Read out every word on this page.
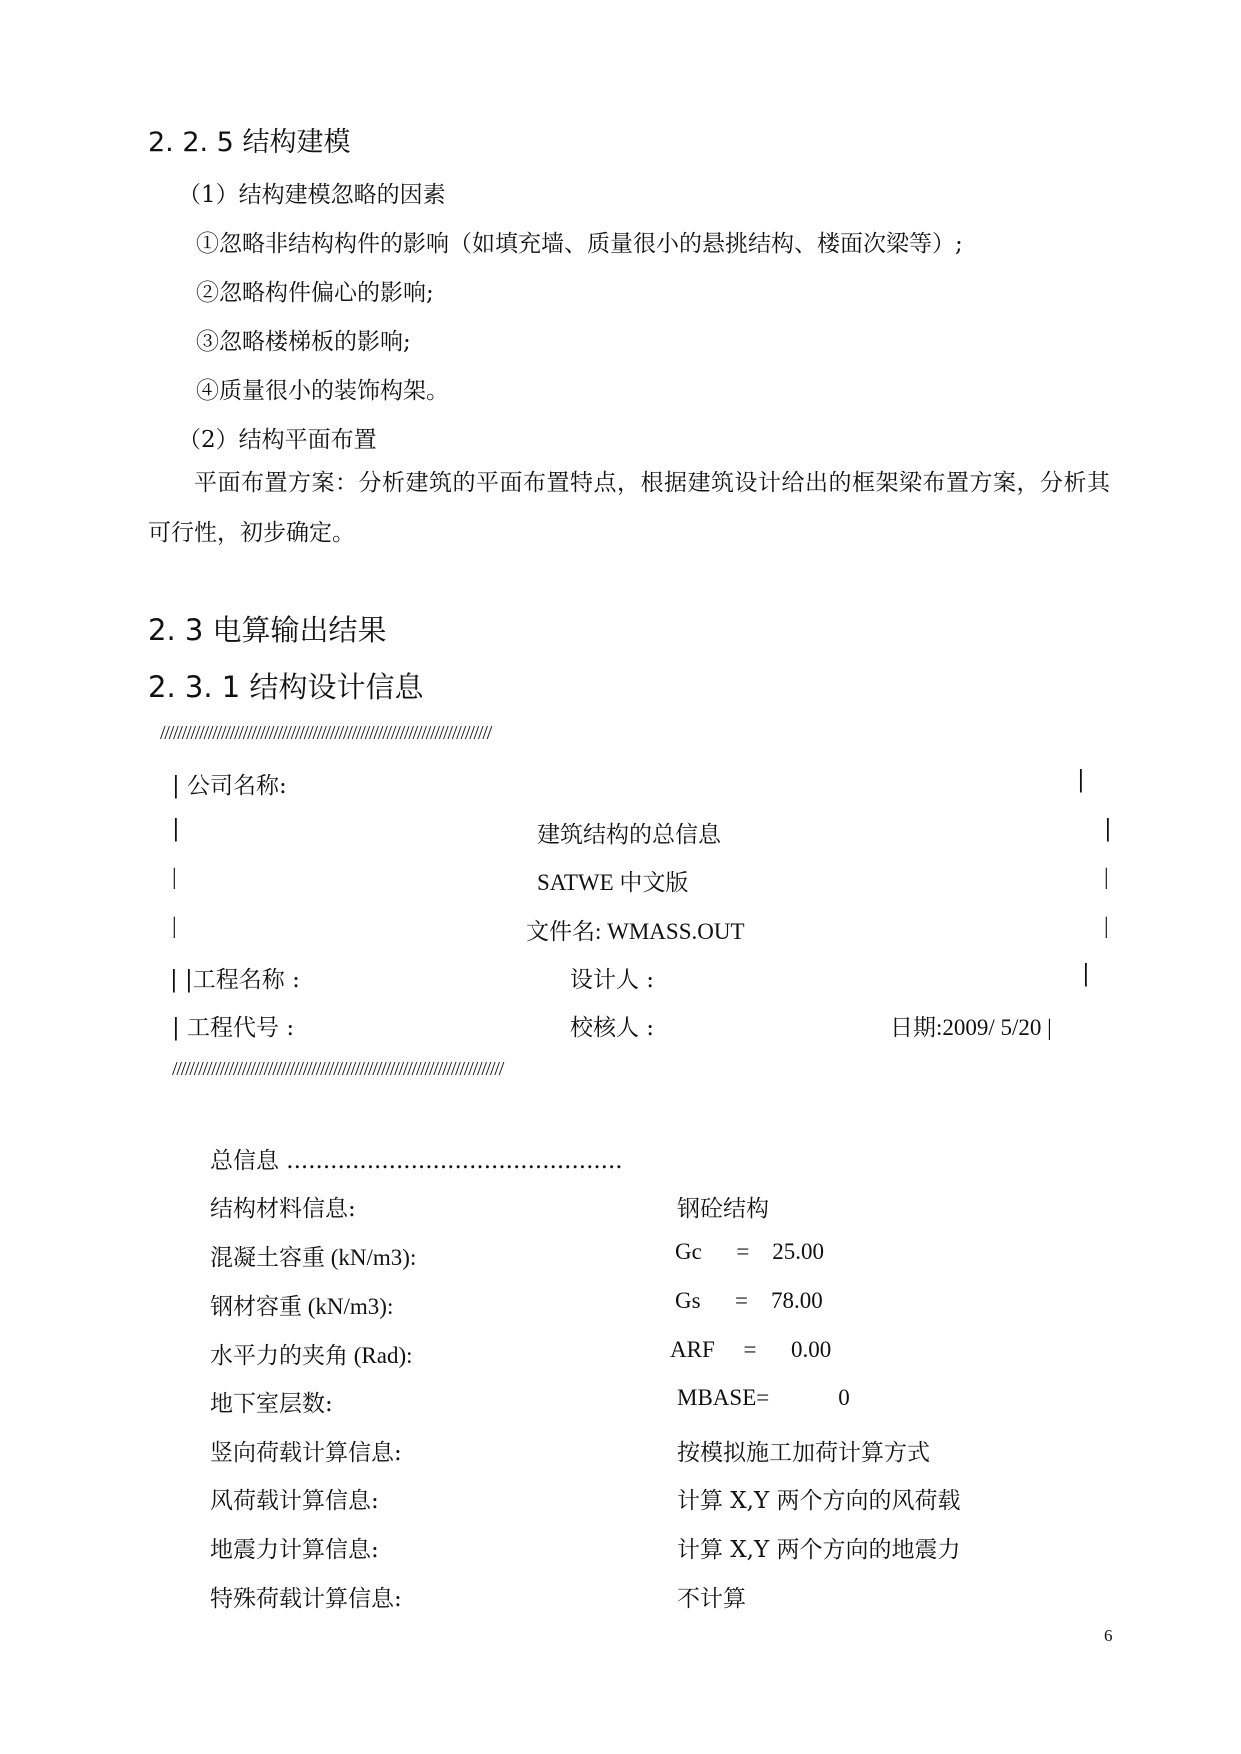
2. 2. 5 结构建模
（1）结构建模忽略的因素
①忽略非结构构件的影响（如填充墙、质量很小的悬挑结构、楼面次梁等）;
②忽略构件偏心的影响;
③忽略楼梯板的影响;
④质量很小的装饰构架。
（2）结构平面布置
平面布置方案：分析建筑的平面布置特点，根据建筑设计给出的框架梁布置方案，分析其可行性，初步确定。
2. 3 电算输出结果
2. 3. 1 结构设计信息
////////////////////////////////////////////////////////////////////////////
| 公司名称:	|
|	建筑结构的总信息	|
|	SATWE 中文版	|
|	文件名: WMASS.OUT	|
| |工程名称 :	设计人 :	|
| 工程代号 :	校核人 :	日期:2009/ 5/20 |
////////////////////////////////////////////////////////////////////////////
总信息 ..............................................
结构材料信息:	钢砼结构
混凝土容重 (kN/m3):	Gc      =    25.00
钢材容重 (kN/m3):	Gs      =    78.00
水平力的夹角 (Rad):	ARF     =      0.00
地下室层数:	MBASE=            0
竖向荷载计算信息:	按模拟施工加荷计算方式
风荷载计算信息:	计算 X,Y 两个方向的风荷载
地震力计算信息:	计算 X,Y 两个方向的地震力
特殊荷载计算信息:	不计算
6
